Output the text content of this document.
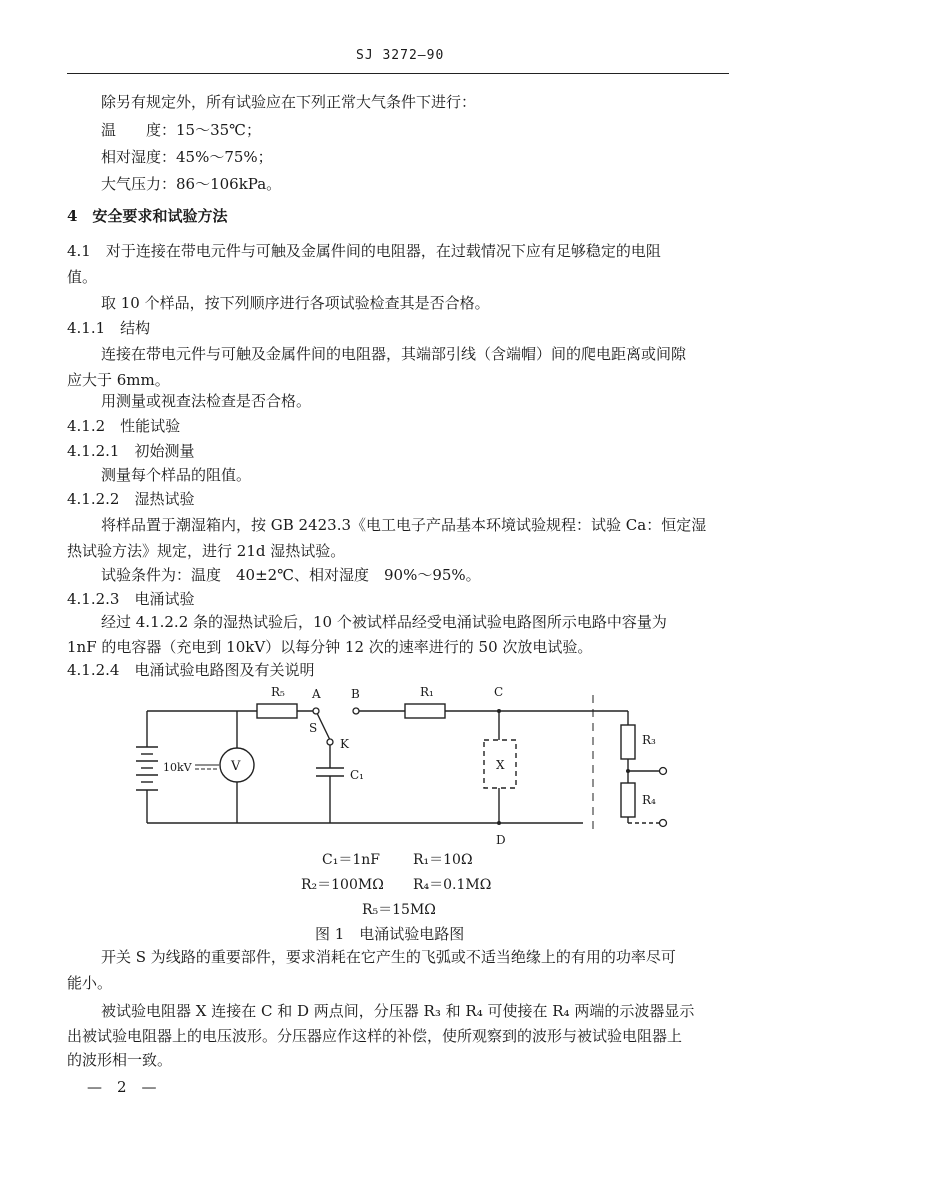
SJ 3272—90
除另有规定外，所有试验应在下列正常大气条件下进行：
温　　度：15～35℃；
相对湿度：45%～75%；
大气压力：86～106kPa。
4　安全要求和试验方法
4.1　对于连接在带电元件与可触及金属件间的电阻器，在过载情况下应有足够稳定的电阻
值。
取 10 个样品，按下列顺序进行各项试验检查其是否合格。
4.1.1　结构
连接在带电元件与可触及金属件间的电阻器，其端部引线（含端帽）间的爬电距离或间隙
应大于 6mm。
用测量或视查法检查是否合格。
4.1.2　性能试验
4.1.2.1　初始测量
测量每个样品的阻值。
4.1.2.2　湿热试验
将样品置于潮湿箱内，按 GB 2423.3《电工电子产品基本环境试验规程：试验 Ca：恒定湿
热试验方法》规定，进行 21d 湿热试验。
试验条件为：温度　40±2℃、相对湿度　90%～95%。
4.1.2.3　电涌试验
经过 4.1.2.2 条的湿热试验后，10 个被试样品经受电涌试验电路图所示电路中容量为
1nF 的电容器（充电到 10kV）以每分钟 12 次的速率进行的 50 次放电试验。
4.1.2.4　电涌试验电路图及有关说明
R₅ A	B	R₁	C
S
K
C₁
X
D
R₃
R₄
V
10kV
C₁＝1nF R₁＝10Ω
R₂＝100MΩ R₄＝0.1MΩ
R₅＝15MΩ
图 1　电涌试验电路图
开关 S 为线路的重要部件，要求消耗在它产生的飞弧或不适当绝缘上的有用的功率尽可
能小。
被试验电阻器 X 连接在 C 和 D 两点间，分压器 R₃ 和 R₄ 可使接在 R₄ 两端的示波器显示
出被试验电阻器上的电压波形。分压器应作这样的补偿，使所观察到的波形与被试验电阻器上
的波形相一致。
—　2　—
